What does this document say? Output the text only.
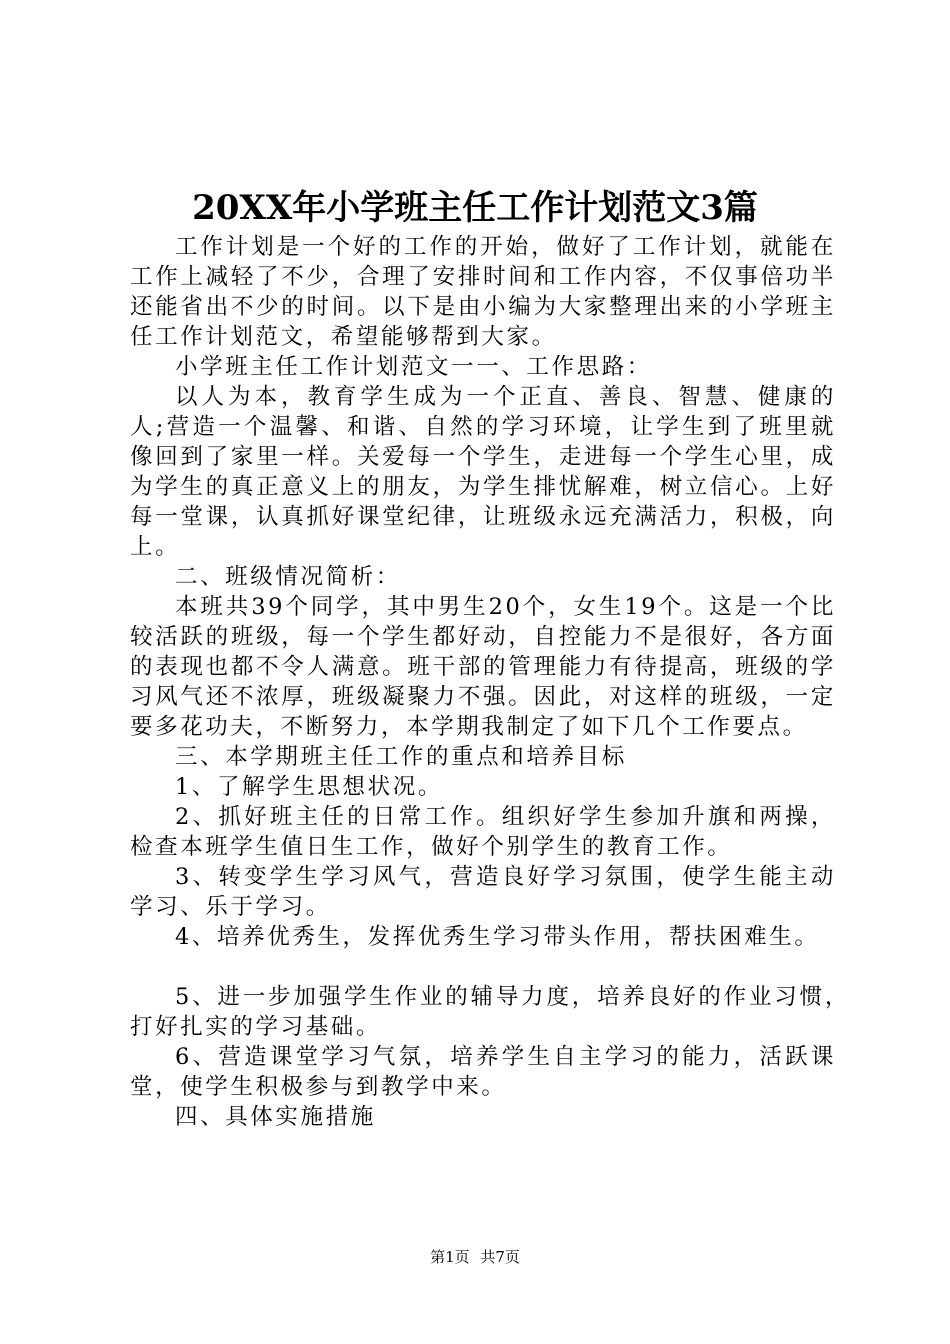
20XX年小学班主任工作计划范文3篇

工作计划是一个好的工作的开始，做好了工作计划，就能在工作上减轻了不少，合理了安排时间和工作内容，不仅事倍功半还能省出不少的时间。以下是由小编为大家整理出来的小学班主任工作计划范文，希望能够帮到大家。

小学班主任工作计划范文一一、工作思路：

以人为本，教育学生成为一个正直、善良、智慧、健康的人;营造一个温馨、和谐、自然的学习环境，让学生到了班里就像回到了家里一样。关爱每一个学生，走进每一个学生心里，成为学生的真正意义上的朋友，为学生排忧解难，树立信心。上好每一堂课，认真抓好课堂纪律，让班级永远充满活力，积极，向上。

二、班级情况简析：

本班共39个同学，其中男生20个，女生19个。这是一个比较活跃的班级，每一个学生都好动，自控能力不是很好，各方面的表现也都不令人满意。班干部的管理能力有待提高，班级的学习风气还不浓厚，班级凝聚力不强。因此，对这样的班级，一定要多花功夫，不断努力，本学期我制定了如下几个工作要点。

三、本学期班主任工作的重点和培养目标

1、了解学生思想状况。

2、抓好班主任的日常工作。组织好学生参加升旗和两操，检查本班学生值日生工作，做好个别学生的教育工作。

3、转变学生学习风气，营造良好学习氛围，使学生能主动学习、乐于学习。

4、培养优秀生，发挥优秀生学习带头作用，帮扶困难生。

5、进一步加强学生作业的辅导力度，培养良好的作业习惯，打好扎实的学习基础。

6、营造课堂学习气氛，培养学生自主学习的能力，活跃课堂，使学生积极参与到教学中来。

四、具体实施措施

第1页 共7页
